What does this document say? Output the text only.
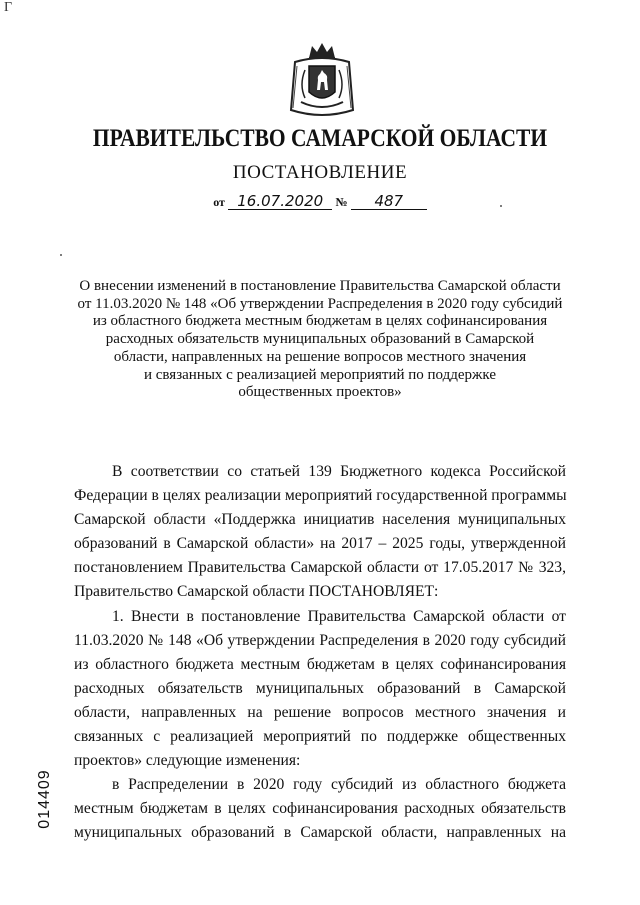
Г
ПРАВИТЕЛЬСТВО САМАРСКОЙ ОБЛАСТИ
ПОСТАНОВЛЕНИЕ
от 16.07.2020 № 487
О внесении изменений в постановление Правительства Самарской области
от 11.03.2020 № 148 «Об утверждении Распределения в 2020 году субсидий
из областного бюджета местным бюджетам в целях софинансирования
расходных обязательств муниципальных образований в Самарской
области, направленных на решение вопросов местного значения
и связанных с реализацией мероприятий по поддержке
общественных проектов»
В соответствии со статьей 139 Бюджетного кодекса Российской
Федерации в целях реализации мероприятий государственной программы
Самарской области «Поддержка инициатив населения муниципальных
образований в Самарской области» на 2017 – 2025 годы, утвержденной
постановлением Правительства Самарской области от 17.05.2017 № 323,
Правительство Самарской области ПОСТАНОВЛЯЕТ:
1. Внести в постановление Правительства Самарской области от
11.03.2020 № 148 «Об утверждении Распределения в 2020 году субсидий
из областного бюджета местным бюджетам в целях софинансирования
расходных обязательств муниципальных образований в Самарской
области, направленных на решение вопросов местного значения и
связанных с реализацией мероприятий по поддержке общественных
проектов» следующие изменения:
в Распределении в 2020 году субсидий из областного бюджета
местным бюджетам в целях софинансирования расходных обязательств
муниципальных образований в Самарской области, направленных на
014409
